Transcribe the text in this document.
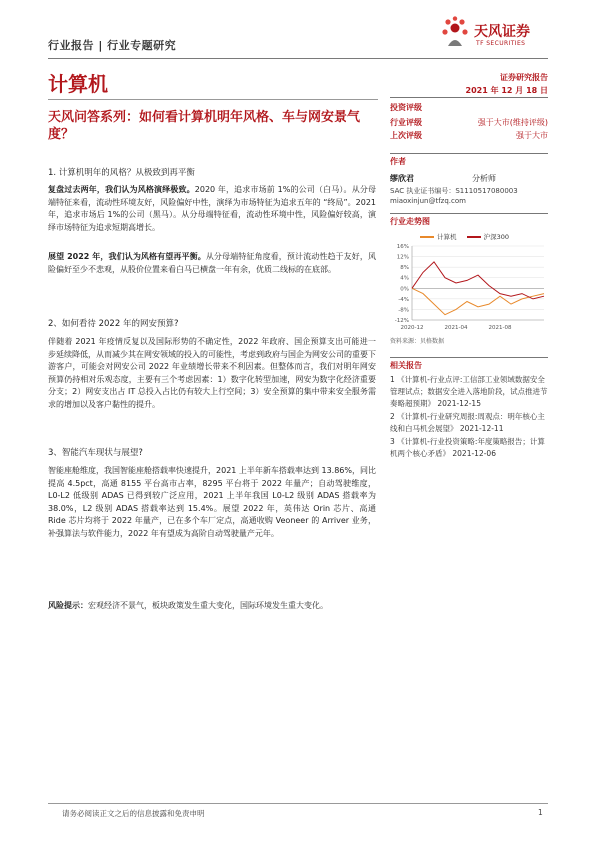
行业报告 | 行业专题研究
天风证券
TF SECURITIES
计算机
天风问答系列：如何看计算机明年风格、车与网安景气度？
证券研究报告
2021 年 12 月 18 日
投资评级
行业评级	强于大市(维持评级)
上次评级	强于大市
作者
缪欣君	分析师
SAC 执业证书编号：S1110517080003
miaoxinjun@tfzq.com
行业走势图
计算机	沪深300
16%
12%
8%
4%
0%
-4%
-8%
-12%
2020-12	2021-04	2021-08
资料来源：贝格数据
相关报告
1 《计算机-行业点评:工信部工业领域数据安全管理试点；数据安全进入落地阶段，试点推进节奏略超预期》 2021-12-15
2 《计算机-行业研究周报:周观点：明年核心主线和白马机会展望》 2021-12-11
3 《计算机-行业投资策略:年度策略报告；计算机两个核心矛盾》 2021-12-06
1. 计算机明年的风格？从极致到再平衡
复盘过去两年，我们认为风格演绎极致。2020 年，追求市场前 1%的公司（白马）。从分母端特征来看，流动性环境友好，风险偏好中性，演绎为市场特征为追求五年的 “终局”。2021 年，追求市场后 1%的公司（黑马）。从分母端特征看，流动性环境中性，风险偏好较高，演绎市场特征为追求短期高增长。
展望 2022 年，我们认为风格有望再平衡。从分母端特征角度看，预计流动性趋于友好，风险偏好至少不悲观，从股价位置来看白马已横盘一年有余，优质二线标的在底部。
2、如何看待 2022 年的网安预算?
伴随着 2021 年疫情反复以及国际形势的不确定性，2022 年政府、国企预算支出可能进一步延续降低，从而减少其在网安领域的投入的可能性，考虑到政府与国企为网安公司的重要下游客户，可能会对网安公司 2022 年业绩增长带来不利因素。但整体而言，我们对明年网安预算仍持相对乐观态度，主要有三个考虑因素：1）数字化转型加速，网安为数字化经济重要分支；2）网安支出占 IT 总投入占比仍有较大上行空间；3）安全预算的集中带来安全服务需求的增加以及客户黏性的提升。
3、智能汽车现状与展望?
智能座舱维度，我国智能座舱搭载率快速提升，2021 上半年新车搭载率达到 13.86%，同比提高 4.5pct，高通 8155 平台高市占率，8295 平台将于 2022 年量产；自动驾驶维度，L0-L2 低级别 ADAS 已得到较广泛应用，2021 上半年我国 L0-L2 级别 ADAS 搭载率为 38.0%，L2 级别 ADAS 搭载率达到 15.4%。展望 2022 年，英伟达 Orin 芯片、高通 Ride 芯片均将于 2022 年量产，已在多个车厂定点，高通收购 Veoneer 的 Arriver 业务，补强算法与软件能力，2022 年有望成为高阶自动驾驶量产元年。
风险提示：宏观经济不景气，板块政策发生重大变化，国际环境发生重大变化。
请务必阅读正文之后的信息披露和免责申明	1
